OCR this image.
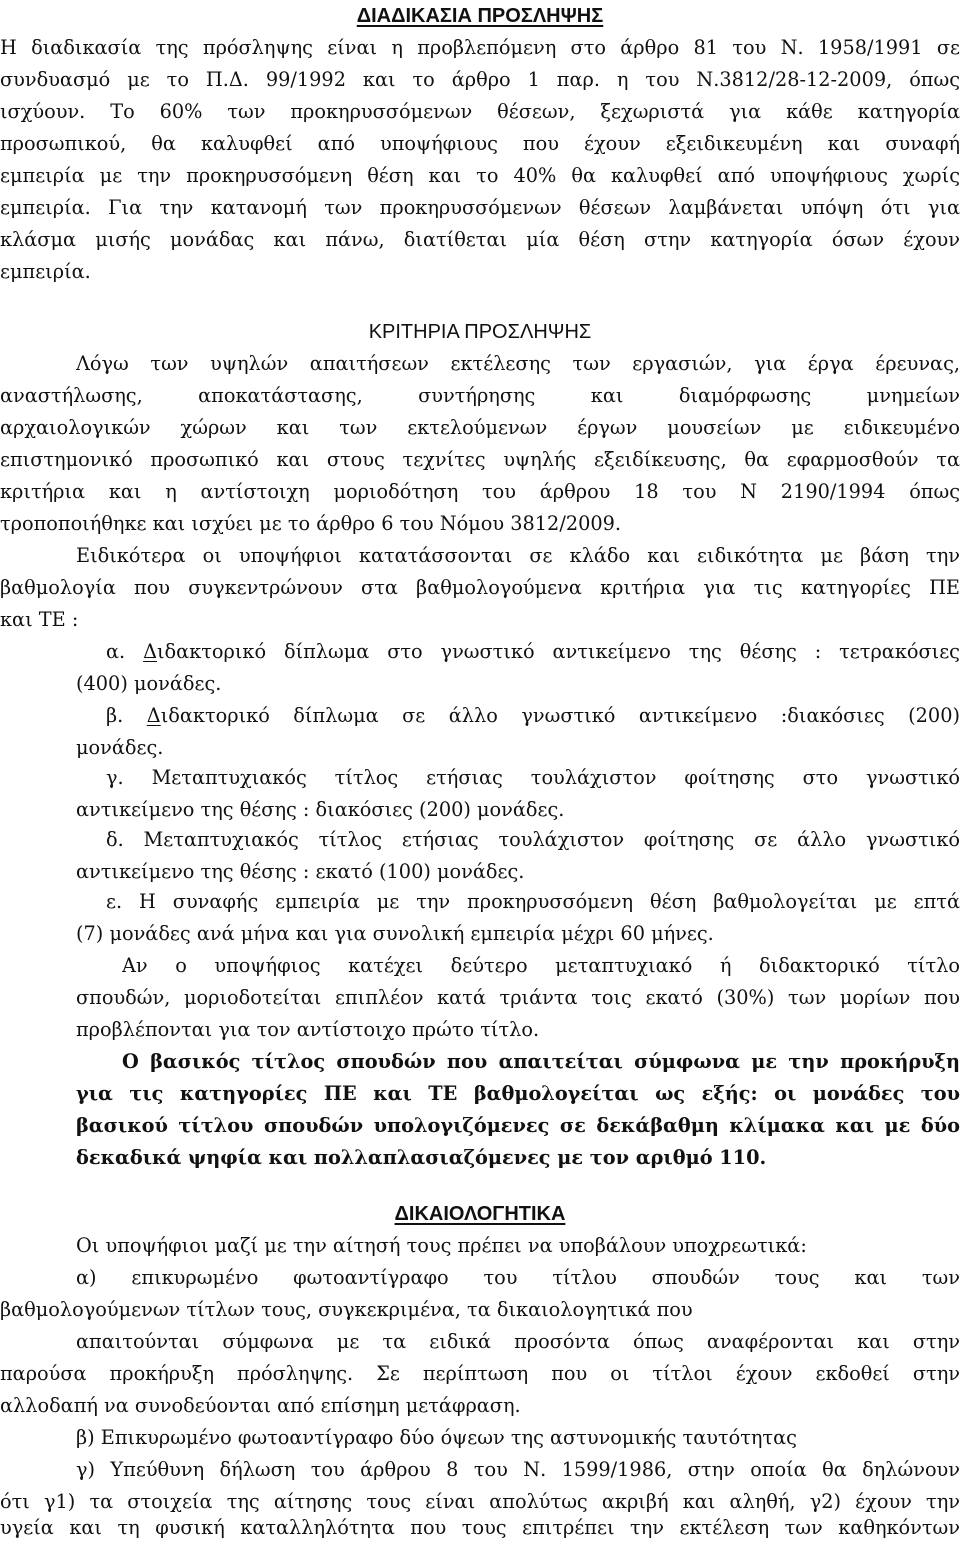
ΔΙΑΔΙΚΑΣΙΑ ΠΡΟΣΛΗΨΗΣ
Η διαδικασία της πρόσληψης είναι η προβλεπόμενη στο άρθρο 81 του Ν. 1958/1991 σε
συνδυασμό με το Π.Δ. 99/1992 και το άρθρο 1 παρ. η του Ν.3812/28-12-2009, όπως
ισχύουν. Το 60% των προκηρυσσόμενων θέσεων, ξεχωριστά για κάθε κατηγορία
προσωπικού, θα καλυφθεί από υποψήφιους που έχουν εξειδικευμένη και συναφή
εμπειρία με την προκηρυσσόμενη θέση και το 40% θα καλυφθεί από υποψήφιους χωρίς
εμπειρία. Για την κατανομή των προκηρυσσόμενων θέσεων λαμβάνεται υπόψη ότι για
κλάσμα μισής μονάδας και πάνω, διατίθεται μία θέση στην κατηγορία όσων έχουν
εμπειρία.
ΚΡΙΤΗΡΙΑ ΠΡΟΣΛΗΨΗΣ
Λόγω των υψηλών απαιτήσεων εκτέλεσης των εργασιών, για έργα έρευνας,
αναστήλωσης, αποκατάστασης, συντήρησης και διαμόρφωσης μνημείων
αρχαιολογικών χώρων και των εκτελούμενων έργων μουσείων με ειδικευμένο
επιστημονικό προσωπικό και στους τεχνίτες υψηλής εξειδίκευσης, θα εφαρμοσθούν τα
κριτήρια και η αντίστοιχη μοριοδότηση του άρθρου 18 του Ν 2190/1994 όπως
τροποποιήθηκε και ισχύει με το άρθρο 6 του Νόμου 3812/2009.
Ειδικότερα οι υποψήφιοι κατατάσσονται σε κλάδο και ειδικότητα με βάση την
βαθμολογία που συγκεντρώνουν στα βαθμολογούμενα κριτήρια για τις κατηγορίες ΠΕ
και ΤΕ :
α. Διδακτορικό δίπλωμα στο γνωστικό αντικείμενο της θέσης : τετρακόσιες
(400) μονάδες.
β. Διδακτορικό δίπλωμα σε άλλο γνωστικό αντικείμενο :διακόσιες (200)
μονάδες.
γ. Μεταπτυχιακός τίτλος ετήσιας τουλάχιστον φοίτησης στο γνωστικό
αντικείμενο της θέσης : διακόσιες (200) μονάδες.
δ. Μεταπτυχιακός τίτλος ετήσιας τουλάχιστον φοίτησης σε άλλο γνωστικό
αντικείμενο της θέσης : εκατό (100) μονάδες.
ε. Η συναφής εμπειρία με την προκηρυσσόμενη θέση βαθμολογείται με επτά
(7) μονάδες ανά μήνα και για συνολική εμπειρία μέχρι 60 μήνες.
Αν ο υποψήφιος κατέχει δεύτερο μεταπτυχιακό ή διδακτορικό τίτλο
σπουδών, μοριοδοτείται επιπλέον κατά τριάντα τοις εκατό (30%) των μορίων που
προβλέπονται για τον αντίστοιχο πρώτο τίτλο.
Ο βασικός τίτλος σπουδών που απαιτείται σύμφωνα με την προκήρυξη
για τις κατηγορίες ΠΕ και ΤΕ βαθμολογείται ως εξής: οι μονάδες του
βασικού τίτλου σπουδών υπολογιζόμενες σε δεκάβαθμη κλίμακα και με δύο
δεκαδικά ψηφία και πολλαπλασιαζόμενες με τον αριθμό 110.
ΔΙΚΑΙΟΛΟΓΗΤΙΚΑ
Οι υποψήφιοι μαζί με την αίτησή τους πρέπει να υποβάλουν υποχρεωτικά:
α) επικυρωμένο φωτοαντίγραφο του τίτλου σπουδών τους και των
βαθμολογούμενων τίτλων τους, συγκεκριμένα, τα δικαιολογητικά που
απαιτούνται σύμφωνα με τα ειδικά προσόντα όπως αναφέρονται και στην
παρούσα προκήρυξη πρόσληψης. Σε περίπτωση που οι τίτλοι έχουν εκδοθεί στην
αλλοδαπή να συνοδεύονται από επίσημη μετάφραση.
β) Επικυρωμένο φωτοαντίγραφο δύο όψεων της αστυνομικής ταυτότητας
γ) Υπεύθυνη δήλωση του άρθρου 8 του Ν. 1599/1986, στην οποία θα δηλώνουν
ότι γ1) τα στοιχεία της αίτησης τους είναι απολύτως ακριβή και αληθή, γ2) έχουν την
υγεία και τη φυσική καταλληλότητα που τους επιτρέπει την εκτέλεση των καθηκόντων
